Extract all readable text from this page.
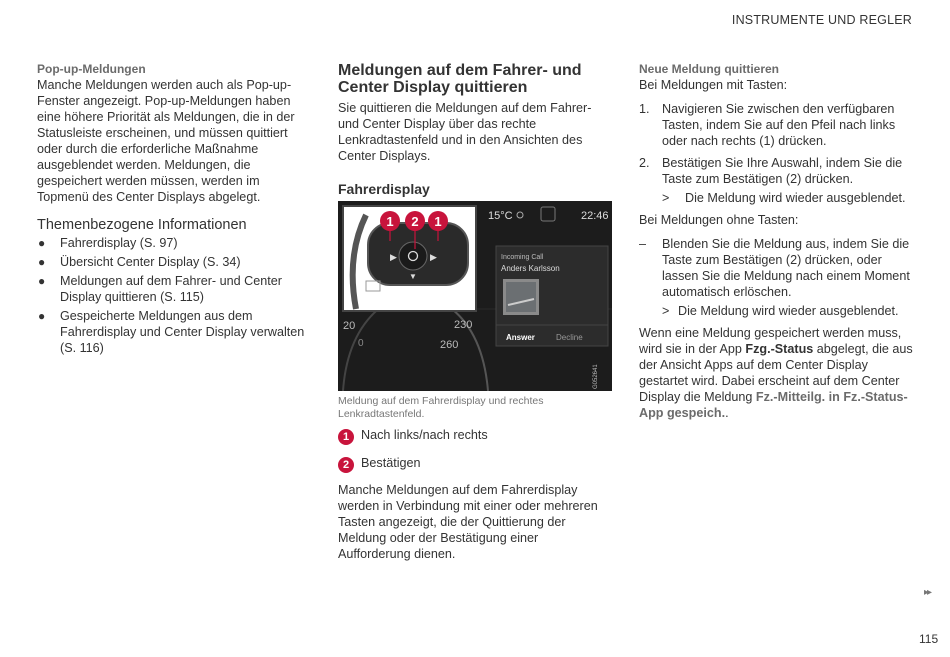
INSTRUMENTE UND REGLER

Pop-up-Meldungen

Manche Meldungen werden auch als Pop-up-Fenster angezeigt. Pop-up-Meldungen haben eine höhere Priorität als Meldungen, die in der Statusleiste erscheinen, und müssen quittiert oder durch die erforderliche Maßnahme ausgeblendet werden. Meldungen, die gespeichert werden müssen, werden im Topmenü des Center Displays abgelegt.

Themenbezogene Informationen
● Fahrerdisplay (S. 97)
● Übersicht Center Display (S. 34)
● Meldungen auf dem Fahrer- und Center Display quittieren (S. 115)
● Gespeicherte Meldungen aus dem Fahrerdisplay und Center Display verwalten (S. 116)
Meldungen auf dem Fahrer- und Center Display quittieren

Sie quittieren die Meldungen auf dem Fahrer- und Center Display über das rechte Lenkradtastenfeld und in den Ansichten des Center Displays.

Fahrerdisplay
15°C	22:46
Incoming Call
Anders Karlsson
Answer	Decline
20
0
230
260
G052641
▶	▶
▼
1 2 1
Meldung auf dem Fahrerdisplay und rechtes Lenkradtastenfeld.
1 Nach links/nach rechts
2 Bestätigen

Manche Meldungen auf dem Fahrerdisplay werden in Verbindung mit einer oder mehreren Tasten angezeigt, die der Quittierung der Meldung oder der Bestätigung einer Aufforderung dienen.

Neue Meldung quittieren

Bei Meldungen mit Tasten:

1. Navigieren Sie zwischen den verfügbaren Tasten, indem Sie auf den Pfeil nach links oder nach rechts (1) drücken.
2. Bestätigen Sie Ihre Auswahl, indem Sie die Taste zum Bestätigen (2) drücken.
> Die Meldung wird wieder ausgeblendet.

Bei Meldungen ohne Tasten:

– Blenden Sie die Meldung aus, indem Sie die Taste zum Bestätigen (2) drücken, oder lassen Sie die Meldung nach einem Moment automatisch erlöschen.
> Die Meldung wird wieder ausgeblendet.

Wenn eine Meldung gespeichert werden muss, wird sie in der App Fzg.-Status abgelegt, die aus der Ansicht Apps auf dem Center Display gestartet wird. Dabei erscheint auf dem Center Display die Meldung Fz.-Mitteilg. in Fz.-Status-App gespeich..

▸▸
115
